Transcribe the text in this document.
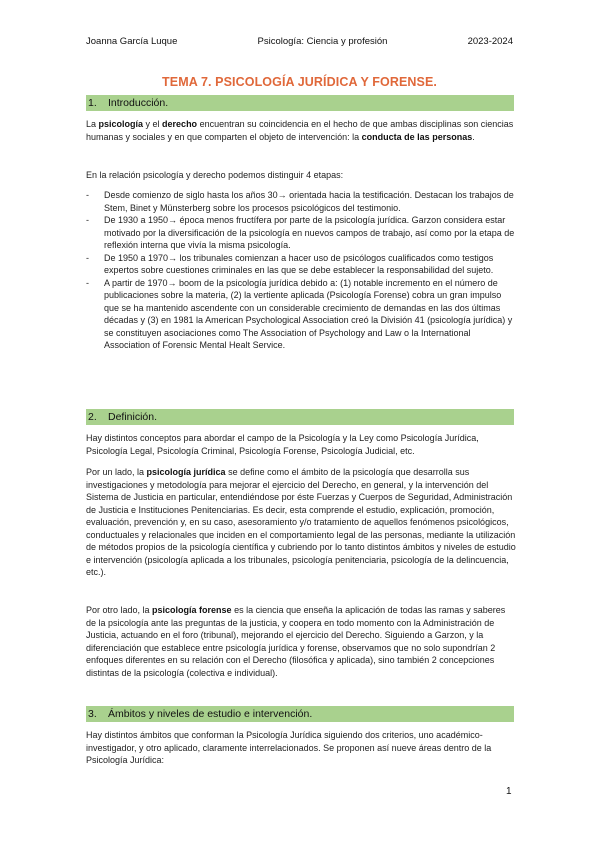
Joanna García Luque	Psicología: Ciencia y profesión	2023-2024
TEMA 7. PSICOLOGÍA JURÍDICA Y FORENSE.
1. Introducción.
La psicología y el derecho encuentran su coincidencia en el hecho de que ambas disciplinas son ciencias humanas y sociales y en que comparten el objeto de intervención: la conducta de las personas.
En la relación psicología y derecho podemos distinguir 4 etapas:
- Desde comienzo de siglo hasta los años 30→ orientada hacia la testificación. Destacan los trabajos de Stem, Binet y Münsterberg sobre los procesos psicológicos del testimonio.
- De 1930 a 1950→ época menos fructífera por parte de la psicología jurídica. Garzon considera estar motivado por la diversificación de la psicología en nuevos campos de trabajo, así como por la etapa de reflexión interna que vivía la misma psicología.
- De 1950 a 1970→ los tribunales comienzan a hacer uso de psicólogos cualificados como testigos expertos sobre cuestiones criminales en las que se debe establecer la responsabilidad del sujeto.
- A partir de 1970→ boom de la psicología jurídica debido a: (1) notable incremento en el número de publicaciones sobre la materia, (2) la vertiente aplicada (Psicología Forense) cobra un gran impulso que se ha mantenido ascendente con un considerable crecimiento de demandas en las dos últimas décadas y (3) en 1981 la American Psychological Association creó la División 41 (psicología jurídica) y se constituyen asociaciones como The Association of Psychology and Law o la International Association of Forensic Mental Healt Service.
2. Definición.
Hay distintos conceptos para abordar el campo de la Psicología y la Ley como Psicología Jurídica, Psicología Legal, Psicología Criminal, Psicología Forense, Psicología Judicial, etc.
Por un lado, la psicología jurídica se define como el ámbito de la psicología que desarrolla sus investigaciones y metodología para mejorar el ejercicio del Derecho, en general, y la intervención del Sistema de Justicia en particular, entendiéndose por éste Fuerzas y Cuerpos de Seguridad, Administración de Justicia e Instituciones Penitenciarias. Es decir, esta comprende el estudio, explicación, promoción, evaluación, prevención y, en su caso, asesoramiento y/o tratamiento de aquellos fenómenos psicológicos, conductuales y relacionales que inciden en el comportamiento legal de las personas, mediante la utilización de métodos propios de la psicología científica y cubriendo por lo tanto distintos ámbitos y niveles de estudio e intervención (psicología aplicada a los tribunales, psicología penitenciaria, psicología de la delincuencia, etc.).
Por otro lado, la psicología forense es la ciencia que enseña la aplicación de todas las ramas y saberes de la psicología ante las preguntas de la justicia, y coopera en todo momento con la Administración de Justicia, actuando en el foro (tribunal), mejorando el ejercicio del Derecho. Siguiendo a Garzon, y la diferenciación que establece entre psicología jurídica y forense, observamos que no solo supondrían 2 enfoques diferentes en su relación con el Derecho (filosófica y aplicada), sino también 2 concepciones distintas de la psicología (colectiva e individual).
3. Ámbitos y niveles de estudio e intervención.
Hay distintos ámbitos que conforman la Psicología Jurídica siguiendo dos criterios, uno académico-investigador, y otro aplicado, claramente interrelacionados. Se proponen así nueve áreas dentro de la Psicología Jurídica:
1
